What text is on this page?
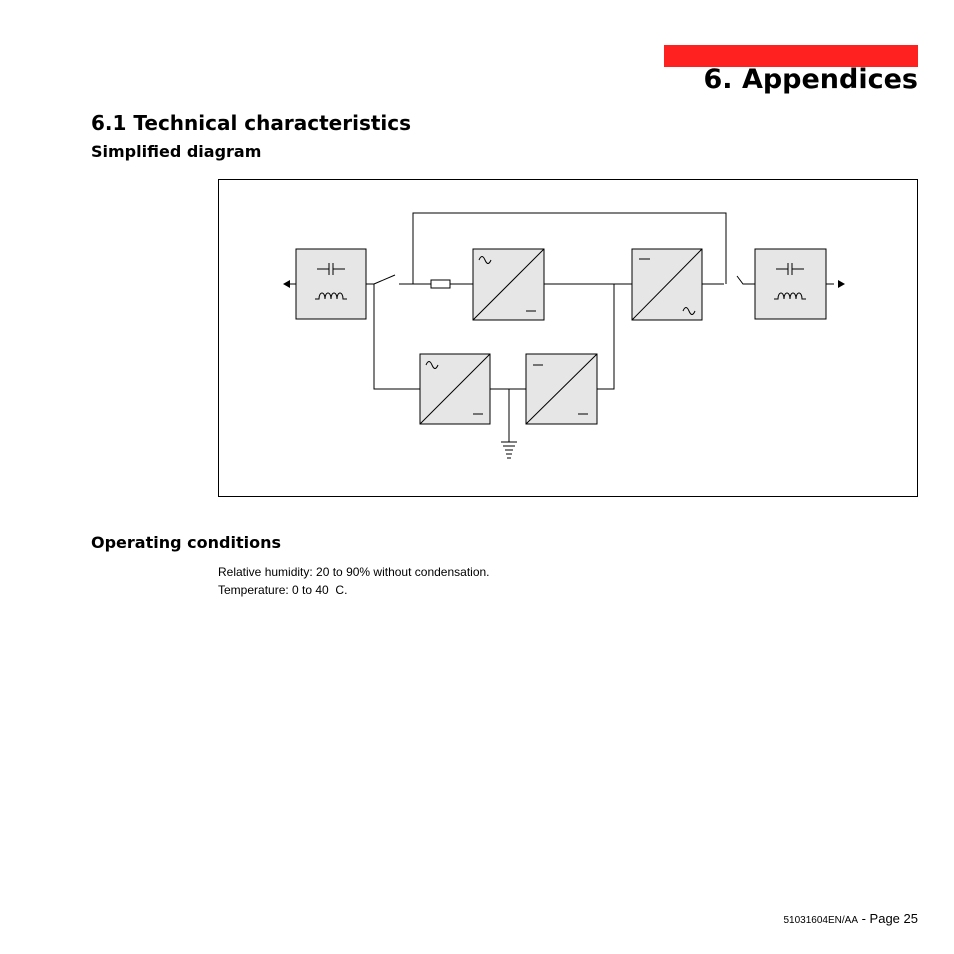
6. Appendices
6.1 Technical characteristics
Simplified diagram
Operating conditions

Relative humidity: 20 to 90% without condensation.

Temperature: 0 to 40  C.

51031604EN/AA - Page 25
